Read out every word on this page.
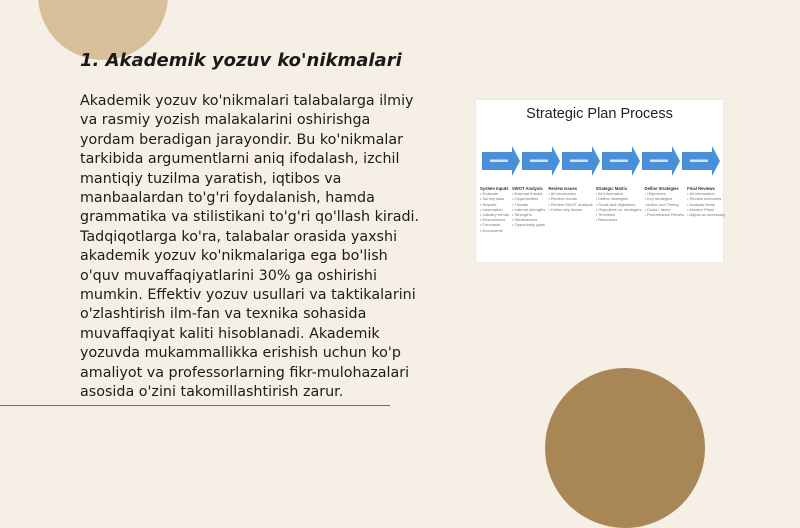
1. Akademik yozuv ko'nikmalari

Akademik yozuv ko'nikmalari talabalarga ilmiy va rasmiy yozish malakalarini oshirishga yordam beradigan jarayondir. Bu ko'nikmalar tarkibida argumentlarni aniq ifodalash, izchil mantiqiy tuzilma yaratish, iqtibos va manbaalardan to'g'ri foydalanish, hamda grammatika va stilistikani to'g'ri qo'llash kiradi. Tadqiqotlarga ko'ra, talabalar orasida yaxshi akademik yozuv ko'nikmalariga ega bo'lish o'quv muvaffaqiyatlarini 30% ga oshirishi mumkin. Effektiv yozuv usullari va taktikalarini o'zlashtirish ilm-fan va texnika sohasida muvaffaqiyat kaliti hisoblanadi. Akademik yozuvda mukammallikka erishish uchun ko'p amaliyot va professorlarning fikr-mulohazalari asosida o'zini takomillashtirish zarur.

Strategic Plan Process
System Inputs
• Evaluate
• Survey data
• Reports
• Information
• Industry trends
• Environment
• Forecasts
• Documents
SWOT Analysis
• External threats
• Opportunities
• Threats
• Internal strengths
• Strengths
• Weaknesses
• Opportunity gaps
Review Issues
• All information
• Review results
• Review SWOT analysis
• Define key issues
Strategic Matrix
• All information
• Define strategies
• Goals and objectives
• Objectives vs. strategies
• Timelines
• Resources
Define Strategies
• Objectives
• Key strategies
• Action and Timing
• Costs / Items
• Performance Review
Final Reviews
• All information
• Review outcomes
• Analysis items
• Monitor Plans
• Adjust as necessary
